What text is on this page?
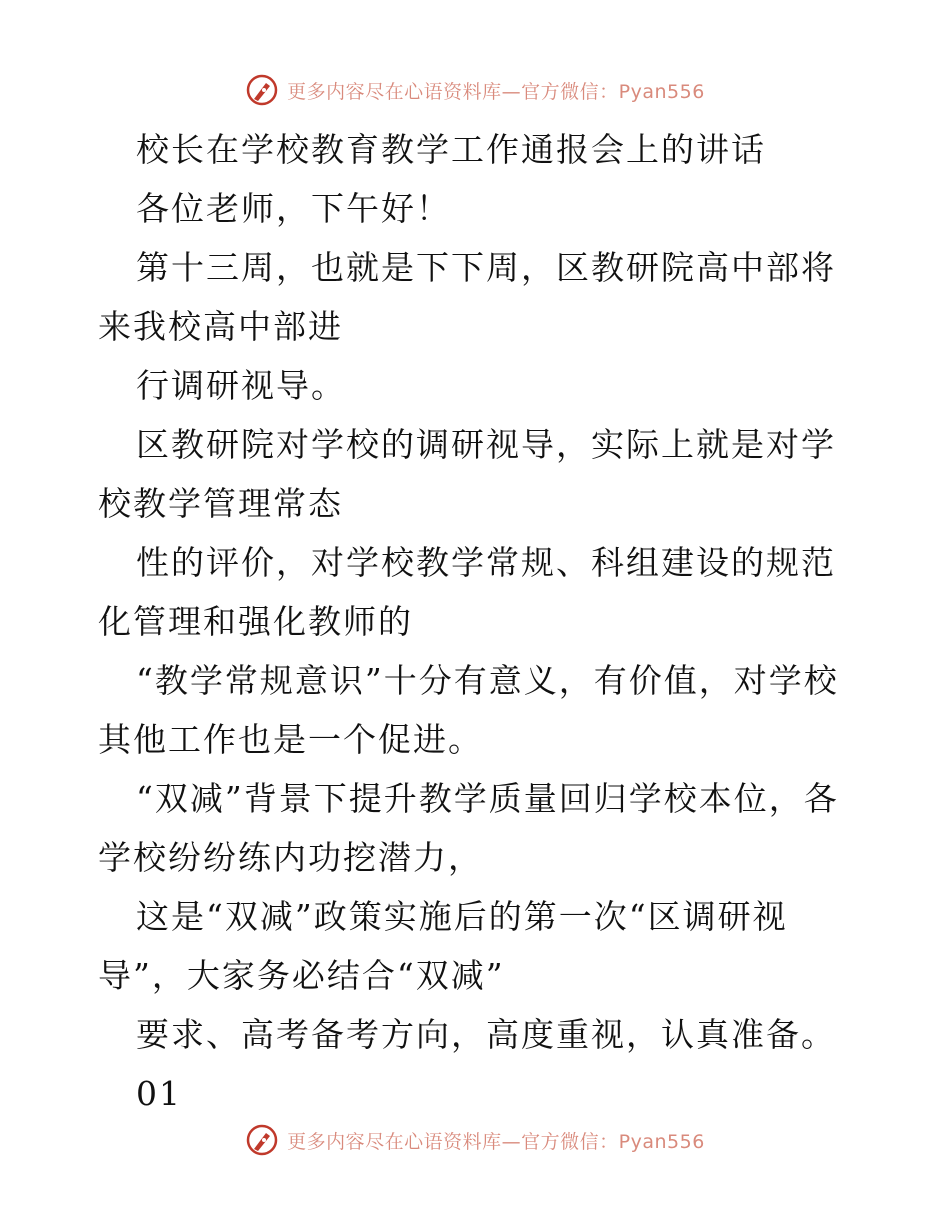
更多内容尽在心语资料库—官方微信：Pyan556

校长在学校教育教学工作通报会上的讲话

各位老师，下午好！

第十三周，也就是下下周，区教研院高中部将来我校高中部进

行调研视导。

区教研院对学校的调研视导，实际上就是对学校教学管理常态

性的评价，对学校教学常规、科组建设的规范化管理和强化教师的

“教学常规意识”十分有意义，有价值，对学校其他工作也是一个促进。

“双减”背景下提升教学质量回归学校本位，各学校纷纷练内功挖潜力，

这是“双减”政策实施后的第一次“区调研视导”，大家务必结合“双减”

要求、高考备考方向，高度重视，认真准备。

01

更多内容尽在心语资料库—官方微信：Pyan556
